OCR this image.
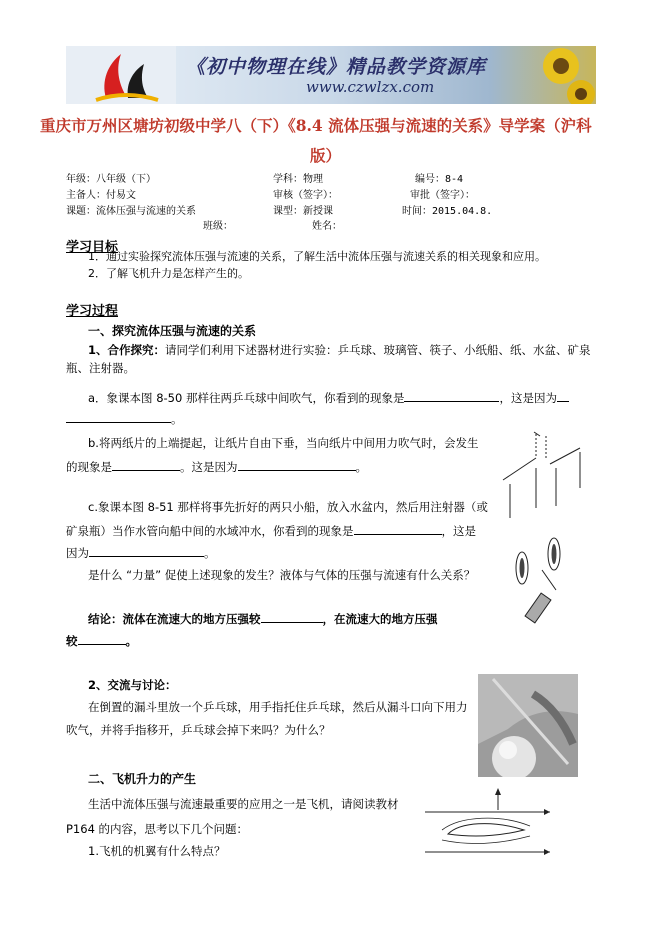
《初中物理在线》精品教学资源库
www.czwlzx.com
重庆市万州区塘坊初级中学八（下）《8.4 流体压强与流速的关系》导学案（沪科
版）
年级：八年级（下）	学科：物理	编号：8-4
主备人：付易文	审核（签字）：	审批（签字）：
课题：流体压强与流速的关系	课型：新授课	时间：2015.04.8.
班级：	姓名：
学习目标
1．通过实验探究流体压强与流速的关系，了解生活中流体压强与流速关系的相关现象和应用。
2．了解飞机升力是怎样产生的。
学习过程
一、探究流体压强与流速的关系
1、合作探究：请同学们利用下述器材进行实验：乒乓球、玻璃管、筷子、小纸船、纸、水盆、矿泉
瓶、注射器。
a．象课本图 8-50 那样往两乒乓球中间吹气，你看到的现象是	，这是因为
。
b.将两纸片的上端提起，让纸片自由下垂，当向纸片中间用力吹气时，会发生
的现象是	。这是因为	。
c.象课本图 8-51 那样将事先折好的两只小船，放入水盆内，然后用注射器（或
矿泉瓶）当作水管向船中间的水域冲水，你看到的现象是	，这是
因为	。
是什么 “力量” 促使上述现象的发生？液体与气体的压强与流速有什么关系？
结论：流体在流速大的地方压强较	，在流速大的地方压强
较	。
2、交流与讨论：
在倒置的漏斗里放一个乒乓球，用手指托住乒乓球，然后从漏斗口向下用力
吹气，并将手指移开，乒乓球会掉下来吗？为什么？
二、飞机升力的产生
生活中流体压强与流速最重要的应用之一是飞机，请阅读教材
P164 的内容，思考以下几个问题：
1.飞机的机翼有什么特点？
